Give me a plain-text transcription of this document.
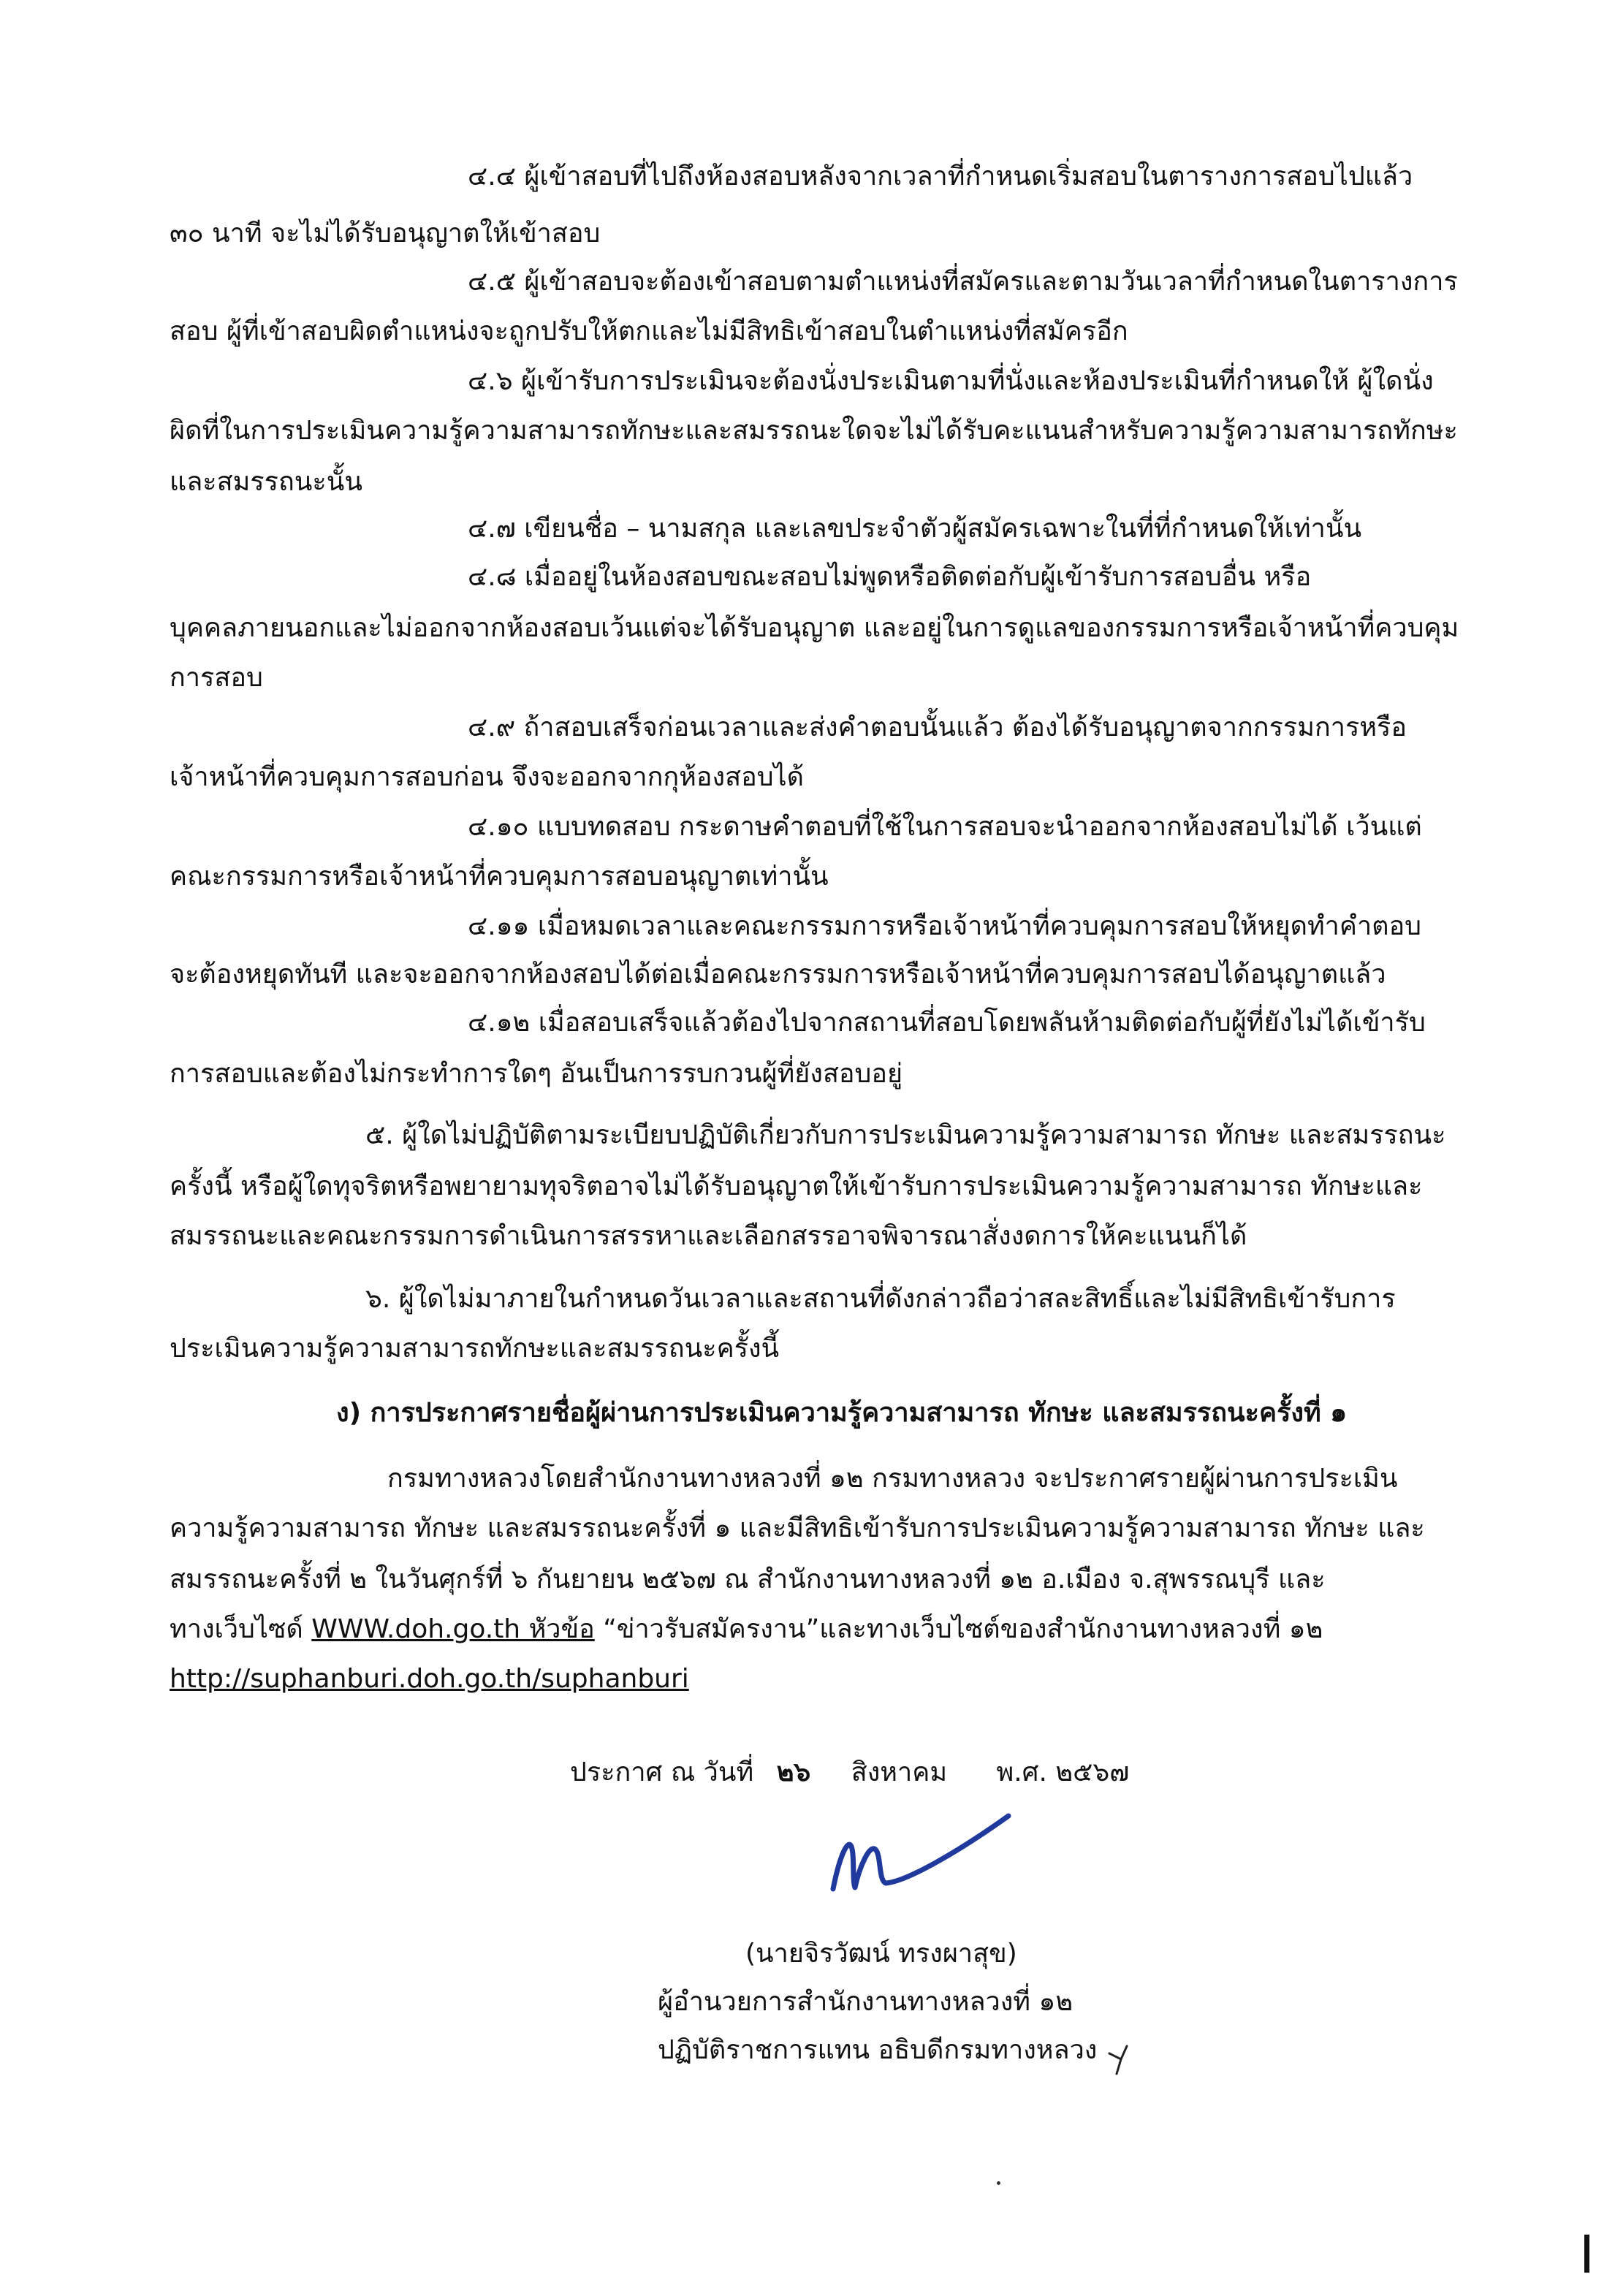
๔.๔ ผู้เข้าสอบที่ไปถึงห้องสอบหลังจากเวลาที่กำหนดเริ่มสอบในตารางการสอบไปแล้ว
๓๐ นาที จะไม่ได้รับอนุญาตให้เข้าสอบ
๔.๕ ผู้เข้าสอบจะต้องเข้าสอบตามตำแหน่งที่สมัครและตามวันเวลาที่กำหนดในตารางการ
สอบ ผู้ที่เข้าสอบผิดตำแหน่งจะถูกปรับให้ตกและไม่มีสิทธิเข้าสอบในตำแหน่งที่สมัครอีก
๔.๖ ผู้เข้ารับการประเมินจะต้องนั่งประเมินตามที่นั่งและห้องประเมินที่กำหนดให้ ผู้ใดนั่ง
ผิดที่ในการประเมินความรู้ความสามารถทักษะและสมรรถนะใดจะไม่ได้รับคะแนนสำหรับความรู้ความสามารถทักษะ
และสมรรถนะนั้น
๔.๗ เขียนชื่อ – นามสกุล และเลขประจำตัวผู้สมัครเฉพาะในที่ที่กำหนดให้เท่านั้น
๔.๘ เมื่ออยู่ในห้องสอบขณะสอบไม่พูดหรือติดต่อกับผู้เข้ารับการสอบอื่น หรือ
บุคคลภายนอกและไม่ออกจากห้องสอบเว้นแต่จะได้รับอนุญาต และอยู่ในการดูแลของกรรมการหรือเจ้าหน้าที่ควบคุม
การสอบ
๔.๙ ถ้าสอบเสร็จก่อนเวลาและส่งคำตอบนั้นแล้ว ต้องได้รับอนุญาตจากกรรมการหรือ
เจ้าหน้าที่ควบคุมการสอบก่อน จึงจะออกจากกุห้องสอบได้
๔.๑๐ แบบทดสอบ กระดาษคำตอบที่ใช้ในการสอบจะนำออกจากห้องสอบไม่ได้ เว้นแต่
คณะกรรมการหรือเจ้าหน้าที่ควบคุมการสอบอนุญาตเท่านั้น
๔.๑๑ เมื่อหมดเวลาและคณะกรรมการหรือเจ้าหน้าที่ควบคุมการสอบให้หยุดทำคำตอบ
จะต้องหยุดทันที และจะออกจากห้องสอบได้ต่อเมื่อคณะกรรมการหรือเจ้าหน้าที่ควบคุมการสอบได้อนุญาตแล้ว
๔.๑๒ เมื่อสอบเสร็จแล้วต้องไปจากสถานที่สอบโดยพลันห้ามติดต่อกับผู้ที่ยังไม่ได้เข้ารับ
การสอบและต้องไม่กระทำการใดๆ อันเป็นการรบกวนผู้ที่ยังสอบอยู่
๕. ผู้ใดไม่ปฏิบัติตามระเบียบปฏิบัติเกี่ยวกับการประเมินความรู้ความสามารถ ทักษะ และสมรรถนะ
ครั้งนี้ หรือผู้ใดทุจริตหรือพยายามทุจริตอาจไม่ได้รับอนุญาตให้เข้ารับการประเมินความรู้ความสามารถ ทักษะและ
สมรรถนะและคณะกรรมการดำเนินการสรรหาและเลือกสรรอาจพิจารณาสั่งงดการให้คะแนนก็ได้
๖. ผู้ใดไม่มาภายในกำหนดวันเวลาและสถานที่ดังกล่าวถือว่าสละสิทธิ์และไม่มีสิทธิเข้ารับการ
ประเมินความรู้ความสามารถทักษะและสมรรถนะครั้งนี้
ง) การประกาศรายชื่อผู้ผ่านการประเมินความรู้ความสามารถ ทักษะ และสมรรถนะครั้งที่ ๑
กรมทางหลวงโดยสำนักงานทางหลวงที่ ๑๒ กรมทางหลวง จะประกาศรายผู้ผ่านการประเมิน
ความรู้ความสามารถ ทักษะ และสมรรถนะครั้งที่ ๑ และมีสิทธิเข้ารับการประเมินความรู้ความสามารถ ทักษะ และ
สมรรถนะครั้งที่ ๒ ในวันศุกร์ที่ ๖ กันยายน ๒๕๖๗ ณ สำนักงานทางหลวงที่ ๑๒ อ.เมือง จ.สุพรรณบุรี และ
ทางเว็บไซด์ WWW.doh.go.th หัวข้อ “ข่าวรับสมัครงาน”และทางเว็บไซต์ของสำนักงานทางหลวงที่ ๑๒
http://suphanburi.doh.go.th/suphanburi
ประกาศ ณ วันที่ ๒๖ สิงหาคม พ.ศ. ๒๕๖๗
(นายจิรวัฒน์ ทรงผาสุข)
ผู้อำนวยการสำนักงานทางหลวงที่ ๑๒
ปฏิบัติราชการแทน อธิบดีกรมทางหลวง
